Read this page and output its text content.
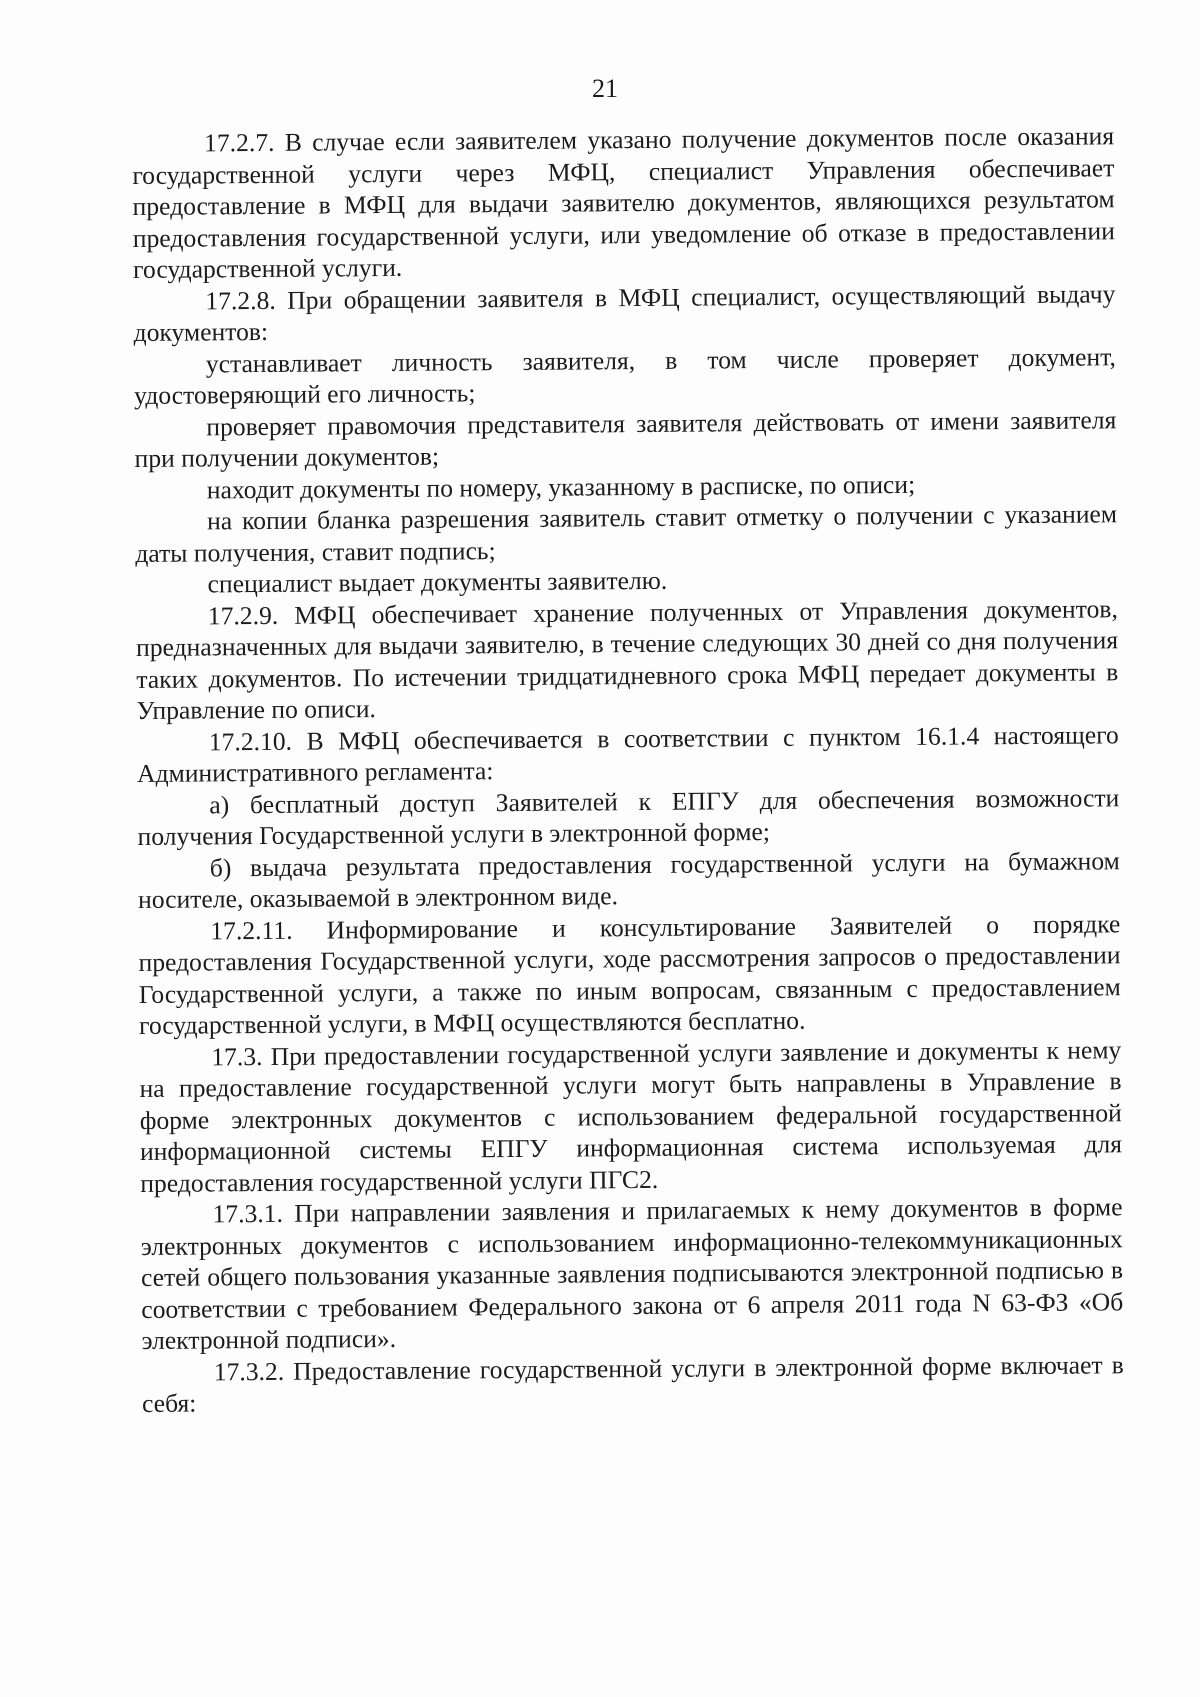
21

17.2.7. В случае если заявителем указано получение документов после оказания государственной услуги через МФЦ, специалист Управления обеспечивает предоставление в МФЦ для выдачи заявителю документов, являющихся результатом предоставления государственной услуги, или уведомление об отказе в предоставлении государственной услуги.

17.2.8. При обращении заявителя в МФЦ специалист, осуществляющий выдачу документов:

устанавливает личность заявителя, в том числе проверяет документ, удостоверяющий его личность;

проверяет правомочия представителя заявителя действовать от имени заявителя при получении документов;

находит документы по номеру, указанному в расписке, по описи;

на копии бланка разрешения заявитель ставит отметку о получении с указанием даты получения, ставит подпись;

специалист выдает документы заявителю.

17.2.9. МФЦ обеспечивает хранение полученных от Управления документов, предназначенных для выдачи заявителю, в течение следующих 30 дней со дня получения таких документов. По истечении тридцатидневного срока МФЦ передает документы в Управление по описи.

17.2.10. В МФЦ обеспечивается в соответствии с пунктом 16.1.4 настоящего Административного регламента:

а) бесплатный доступ Заявителей к ЕПГУ для обеспечения возможности получения Государственной услуги в электронной форме;

б) выдача результата предоставления государственной услуги на бумажном носителе, оказываемой в электронном виде.

17.2.11. Информирование и консультирование Заявителей о порядке предоставления Государственной услуги, ходе рассмотрения запросов о предоставлении Государственной услуги, а также по иным вопросам, связанным с предоставлением государственной услуги, в МФЦ осуществляются бесплатно.

17.3. При предоставлении государственной услуги заявление и документы к нему на предоставление государственной услуги могут быть направлены в Управление в форме электронных документов с использованием федеральной государственной информационной системы ЕПГУ информационная система используемая для предоставления государственной услуги ПГС2.

17.3.1. При направлении заявления и прилагаемых к нему документов в форме электронных документов с использованием информационно-телекоммуникационных сетей общего пользования указанные заявления подписываются электронной подписью в соответствии с требованием Федерального закона от 6 апреля 2011 года N 63-ФЗ «Об электронной подписи».

17.3.2. Предоставление государственной услуги в электронной форме включает в себя:
